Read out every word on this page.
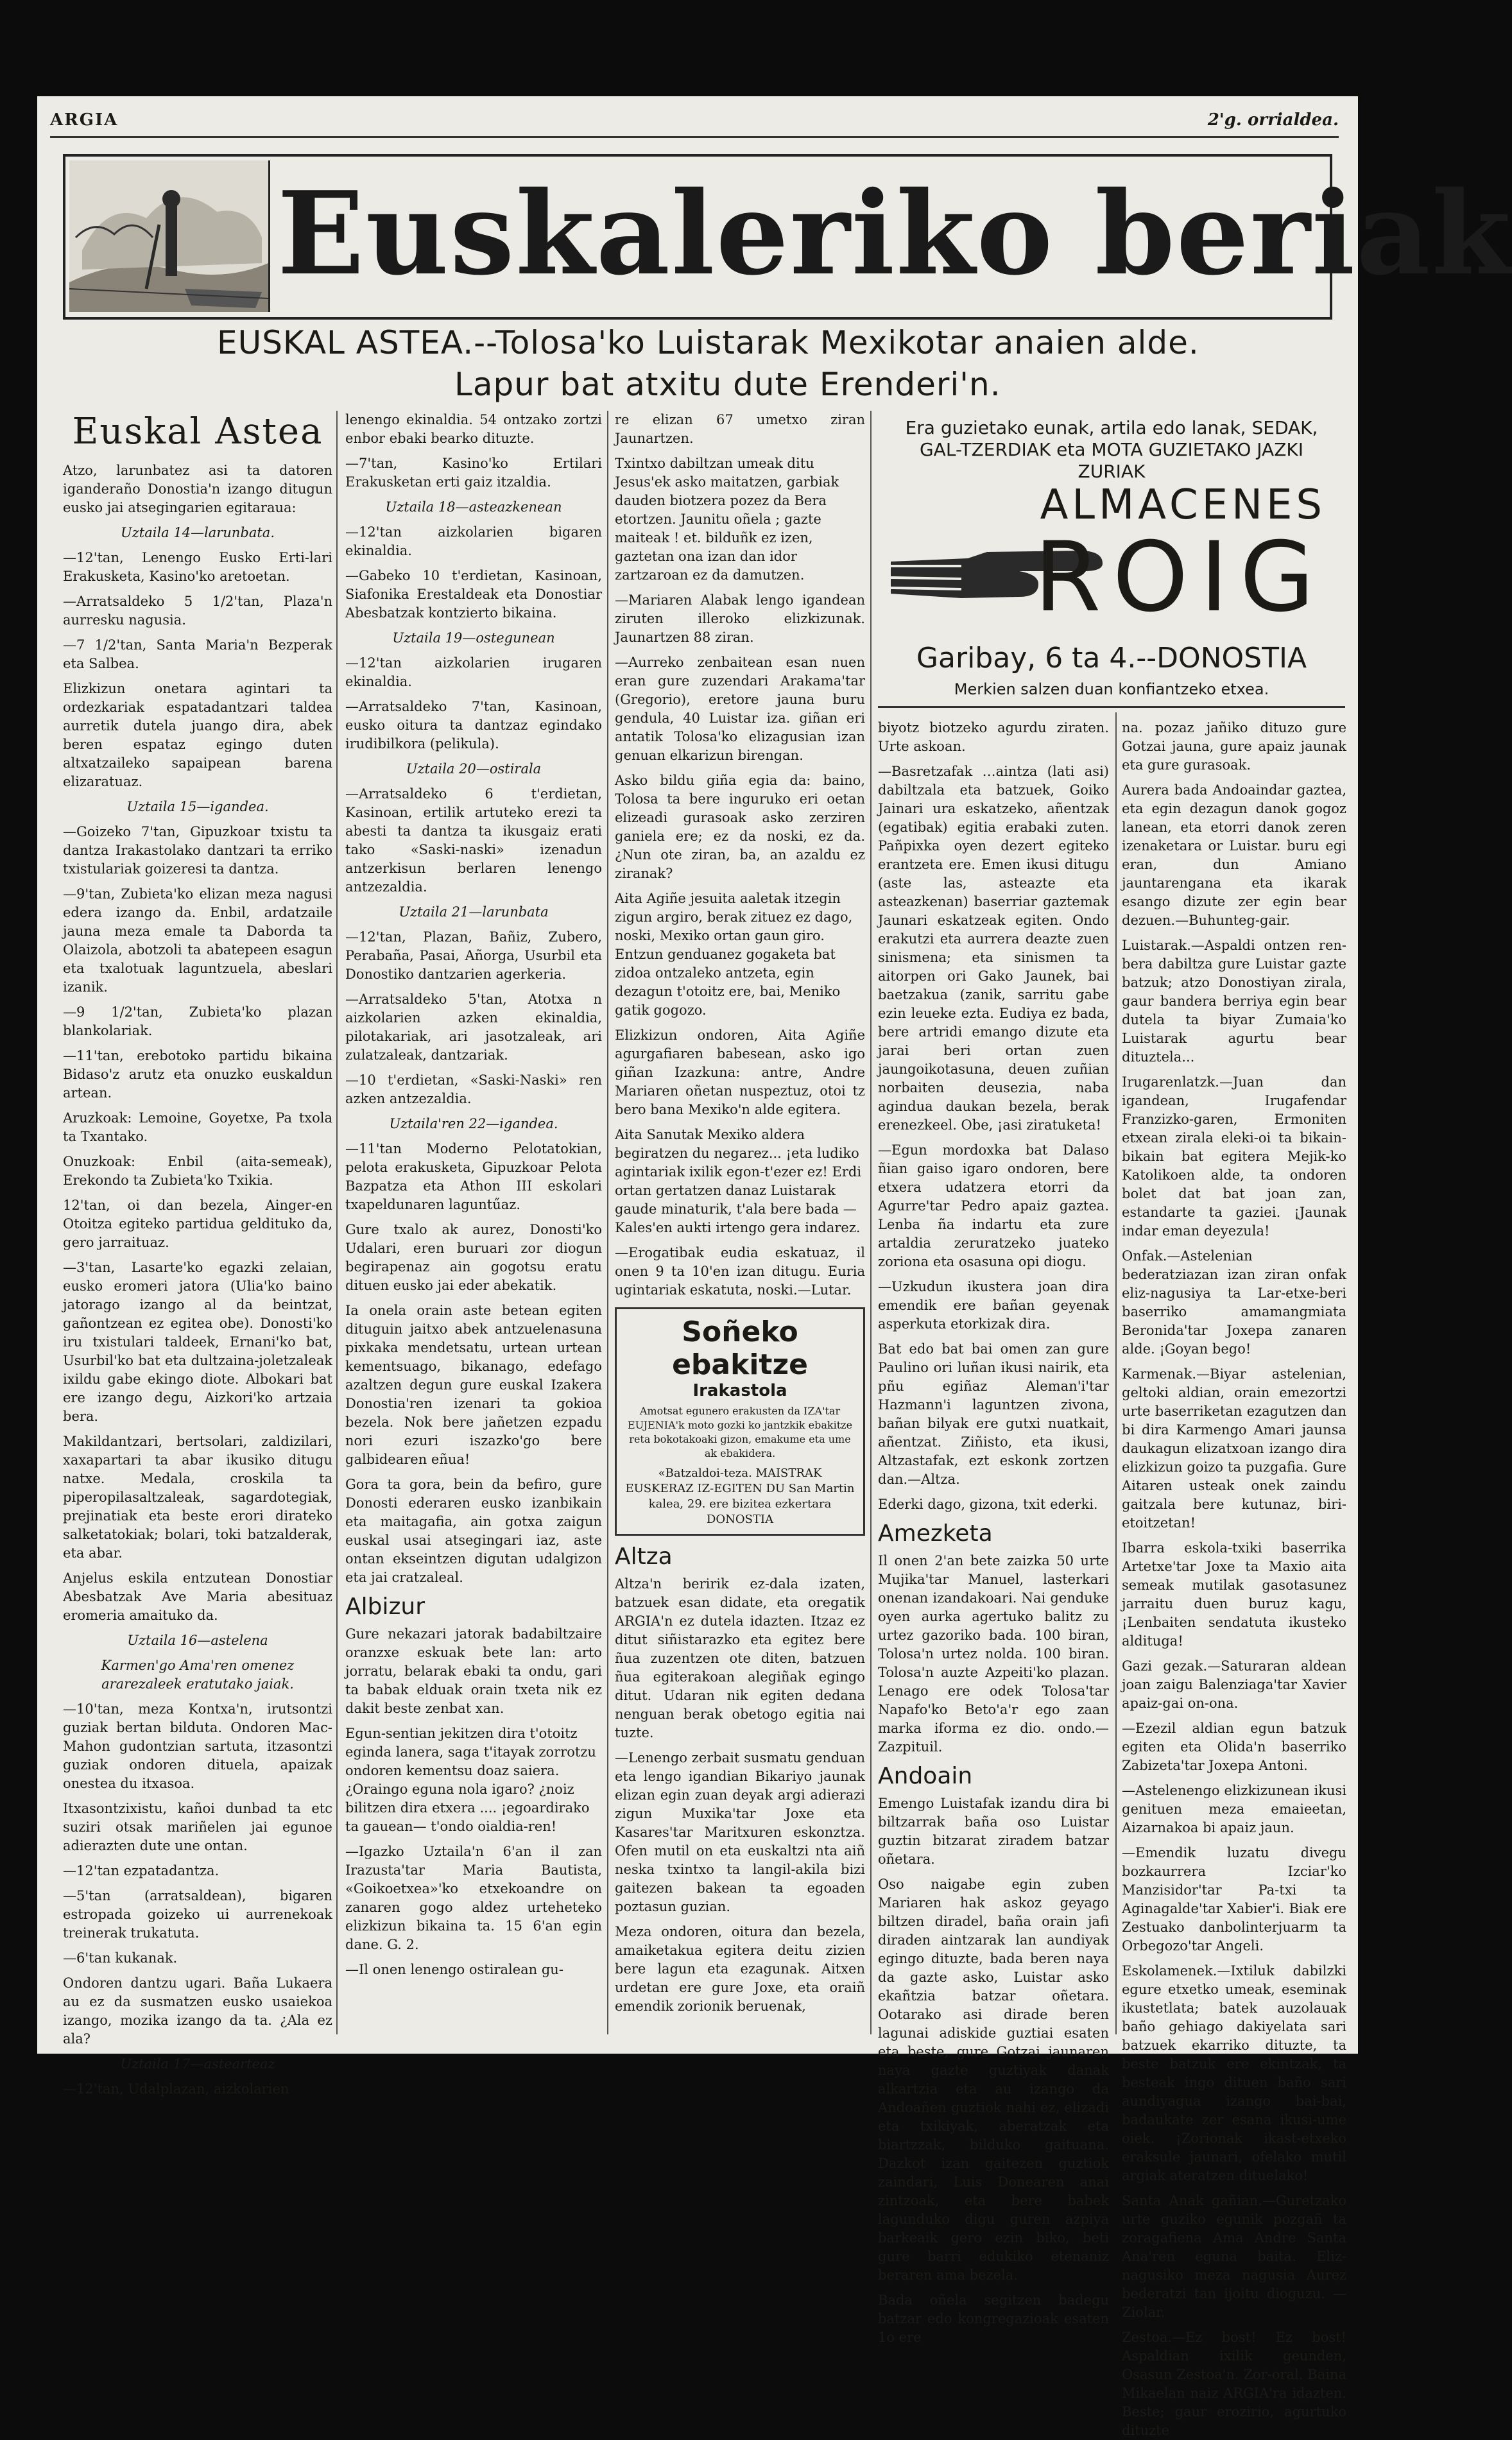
ARGIA	2'g. orrialdea.
Euskaleriko beriak
EUSKAL ASTEA.--Tolosa'ko Luistarak Mexikotar anaien alde.
Lapur bat atxitu dute Erenderi'n.
Euskal Astea

Atzo, larunbatez asi ta datoren iganderaño Donostia'n izango ditugun eusko jai atsegingarien egitaraua:

Uztaila 14—larunbata.

—12'tan, Lenengo Eusko Erti-lari Erakusketa, Kasino'ko aretoetan.

—Arratsaldeko 5 1/2'tan, Plaza'n aurresku nagusia.

—7 1/2'tan, Santa Maria'n Bezperak eta Salbea.

Elizkizun onetara agintari ta ordezkariak espatadantzari taldea aurretik dutela juango dira, abek beren espataz egingo duten altxatzaileko sapaipean  barena elizaratuaz.

Uztaila 15—igandea.

—Goizeko 7'tan, Gipuzkoar txistu ta dantza Irakastolako dantzari ta erriko txistulariak goizeresi ta dantza.

—9'tan, Zubieta'ko elizan meza nagusi edera izango da. Enbil, ardatzaile jauna meza emale ta Daborda ta Olaizola, abotzoli ta abatepeen esagun eta txalotuak laguntzuela, abeslari izanik.

—9 1/2'tan, Zubieta'ko plazan blankolariak.

—11'tan, erebotoko partidu bikaina Bidaso'z arutz eta onuzko euskaldun artean.

Aruzkoak: Lemoine, Goyetxe, Pa txola ta Txantako.

Onuzkoak: Enbil (aita-semeak), Erekondo ta Zubieta'ko Txikia.

12'tan, oi dan bezela, Ainger-en Otoitza egiteko partidua geldituko da, gero jarraituaz.

—3'tan, Lasarte'ko egazki zelaian, eusko eromeri jatora (Ulia'ko baino jatorago izango al da beintzat, gañontzean ez egitea obe). Donosti'ko iru txistulari taldeek, Ernani'ko bat, Usurbil'ko bat eta dultzaina-joletzaleak ixildu gabe ekingo diote. Albokari bat ere izango degu, Aizkori'ko artzaia bera.

Makildantzari, bertsolari, zaldizilari, xaxapartari ta abar ikusiko ditugu natxe. Medala, croskila ta piperopilasaltzaleak, sagardotegiak, prejinatiak eta beste erori dirateko salketatokiak; bolari, toki batzalderak, eta abar.

Anjelus eskila entzutean Donostiar Abesbatzak Ave Maria abesituaz eromeria amaituko da.

Uztaila 16—astelena

Karmen'go Ama'ren omenez ararezaleek eratutako jaiak.

—10'tan, meza Kontxa'n, irutsontzi guziak bertan bilduta. Ondoren Mac-Mahon gudontzian sartuta, itzasontzi guziak ondoren dituela, apaizak onestea du itxasoa.

Itxasontzixistu, kañoi dunbad ta etc suziri otsak mariñelen jai egunoe adierazten dute une ontan.

—12'tan ezpatadantza.

—5'tan (arratsaldean), bigaren estropada goizeko ui aurrenekoak treinerak trukatuta.

—6'tan kukanak.

Ondoren dantzu ugari. Baña Lukaera au ez da susmatzen eusko usaiekoa izango, mozika izango da ta. ¿Ala ez ala?

Uztaila 17—astearteaz

—12'tan, Udalplazan, aizkolarien

lenengo ekinaldia. 54 ontzako zortzi enbor ebaki bearko dituzte.

—7'tan, Kasino'ko Ertilari Erakusketan erti gaiz itzaldia.

Uztaila 18—asteazkenean

—12'tan aizkolarien bigaren ekinaldia.

—Gabeko 10 t'erdietan, Kasinoan, Siafonika Erestaldeak eta Donostiar Abesbatzak kontzierto bikaina.

Uztaila 19—ostegunean

—12'tan aizkolarien irugaren ekinaldia.

—Arratsaldeko 7'tan, Kasinoan, eusko oitura ta dantzaz egindako irudibilkora (pelikula).

Uztaila 20—ostirala

—Arratsaldeko 6 t'erdietan, Kasinoan, ertilik artuteko erezi ta abesti ta dantza ta ikusgaiz erati tako «Saski-naski» izenadun antzerkisun berlaren lenengo antzezaldia.

Uztaila 21—larunbata

—12'tan, Plazan, Bañiz, Zubero, Perabaña, Pasai, Añorga, Usurbil eta Donostiko dantzarien agerkeria.

—Arratsaldeko 5'tan, Atotxa n aizkolarien azken ekinaldia, pilotakariak, ari jasotzaleak, ari zulatzaleak, dantzariak.

—10 t'erdietan, «Saski-Naski» ren azken antzezaldia.

Uztaila'ren 22—igandea.

—11'tan Moderno Pelotatokian, pelota erakusketa, Gipuzkoar Pelota Bazpatza eta Athon III eskolari txapeldunaren laguntűaz.

Gure txalo ak aurez, Donosti'ko Udalari, eren buruari zor diogun begirapenaz ain gogotsu eratu dituen eusko jai eder abekatik.

Ia onela orain aste betean egiten dituguin jaitxo abek antzuelenasuna pixkaka mendetsatu, urtean urtean kementsuago, bikanago, edefago azaltzen degun gure euskal Izakera Donostia'ren izenari ta gokioa bezela. Nok bere jañetzen ezpadu nori ezuri iszazko'go bere galbidearen eñua!

Gora ta gora, bein da befiro, gure Donosti ederaren eusko izanbikain eta maitagafia, ain gotxa zaigun euskal usai atsegingari iaz, aste ontan ekseintzen digutan udalgizon eta jai cratzaleal.

Albizur

Gure nekazari jatorak badabiltzaire oranzxe eskuak bete lan: arto jorratu, belarak ebaki ta ondu, gari ta babak elduak orain txeta nik ez dakit beste zenbat xan.

Egun-sentian jekitzen dira t'otoitz eginda lanera, saga t'itayak zorrotzu ondoren kementsu doaz saiera. ¿Oraingo eguna nola igaro? ¿noiz bilitzen dira etxera .... ¡egoardirako ta gauean— t'ondo oialdia-ren!

—Igazko Uztaila'n 6'an il zan Irazusta'tar Maria Bautista, «Goikoetxea»'ko etxekoandre on zanaren gogo aldez urteheteko elizkizun bikaina ta. 15 6'an egin dane. G. 2.

—Il onen lenengo ostiralean gu-

re elizan 67 umetxo ziran Jaunartzen.

Txintxo dabiltzan umeak ditu Jesus'ek asko maitatzen, garbiak dauden biotzera pozez da Bera etortzen. Jaunitu oñela ; gazte maiteak ! et. bilduñk ez izen, gaztetan ona izan dan idor zartzaroan ez da damutzen.

—Mariaren Alabak lengo igandean ziruten illeroko elizkizunak. Jaunartzen 88 ziran.

—Aurreko zenbaitean esan nuen eran gure zuzendari Arakama'tar (Gregorio), eretore jauna buru gendula, 40 Luistar iza. giñan eri antatik Tolosa'ko elizagusian izan genuan elkarizun birengan.

Asko bildu giña egia da: baino, Tolosa ta bere inguruko eri oetan elizeadi gurasoak asko zerziren ganiela ere; ez da noski, ez da. ¿Nun ote ziran, ba, an azaldu ez ziranak?

Aita Agiñe jesuita aaletak itzegin zigun argiro, berak zituez ez dago, noski, Mexiko ortan gaun giro. Entzun genduanez gogaketa bat zidoa ontzaleko antzeta, egin dezagun t'otoitz ere, bai, Meniko gatik gogozo.

Elizkizun ondoren, Aita Agiñe agurgafiaren babesean, asko igo giñan Izazkuna: antre, Andre Mariaren oñetan nuspeztuz, otoi tz bero bana Mexiko'n alde egitera.

Aita Sanutak Mexiko aldera begiratzen du negarez... ¡eta ludiko agintariak ixilik egon-t'ezer ez! Erdi ortan gertatzen danaz Luistarak gaude minaturik, t'ala bere bada —Kales'en aukti irtengo gera indarez.

—Erogatibak eudia eskatuaz, il onen 9 ta 10'en izan ditugu. Euria ugintariak eskatuta, noski.—Lutar.

Soñeko ebakitze
Irakastola
Amotsat egunero erakusten da IZA'tar EUJENIA'k moto gozki ko jantzkik ebakitze reta bokotakoaki gizon, emakume eta ume ak ebakidera.
«Batzaldoi-teza. MAISTRAK EUSKERAZ IZ-EGITEN DU San Martin kalea, 29. ere bizitea ezkertara DONOSTIA
Altza

Altza'n beririk ez-dala izaten, batzuek esan didate, eta oregatik ARGIA'n ez dutela idazten. Itzaz ez ditut siñistarazko eta egitez bere ñua zuzentzen ote diten, batzuen ñua egiterakoan alegiñak egingo ditut. Udaran nik egiten dedana nenguan berak obetogo egitia nai tuzte.

—Lenengo zerbait susmatu genduan eta lengo igandian Bikariyo jaunak elizan egin zuan deyak argi adierazi zigun Muxika'tar Joxe eta Kasares'tar Maritxuren eskonztza. Ofen mutil on eta euskaltzi nta aiñ neska txintxo ta langil-akila bizi gaitezen bakean ta egoaden poztasun guzian.

Meza ondoren, oitura dan bezela, amaiketakua egitera deitu zizien bere lagun eta ezagunak. Aitxen urdetan ere gure Joxe, eta oraiñ emendik zorionik beruenak,

Era guzietako eunak, artila edo lanak, SEDAK, GAL-TZERDIAK eta MOTA GUZIETAKO JAZKI ZURIAK
ALMACENES
ROIG
Garibay, 6 ta 4.--DONOSTIA
Merkien salzen duan konfiantzeko etxea.

biyotz biotzeko agurdu ziraten. Urte askoan.

—Basretzafak …aintza (lati asi) dabiltzala eta batzuek, Goiko Jainari ura eskatzeko, añentzak (egatibak) egitia erabaki zuten. Pañpixka oyen dezert egiteko erantzeta ere. Emen ikusi ditugu (aste las, asteazte eta asteazkenan) baserriar gaztemak Jaunari eskatzeak egiten. Ondo erakutzi eta aurrera deazte zuen sinismena; eta sinismen ta aitorpen ori Gako Jaunek, bai baetzakua (zanik, sarritu gabe ezin leueke ezta. Eudiya ez bada, bere artridi emango dizute eta jarai beri ortan zuen jaungoikotasuna, deuen zuñian norbaiten deusezia, naba agindua daukan bezela, berak erenezkeel. Obe, ¡asi ziratuketa!

—Egun mordoxka bat Dalaso ñian gaiso igaro ondoren, bere etxera udatzera etorri da Agurre'tar Pedro apaiz gaztea. Lenba ña indartu eta zure artaldia zeruratzeko juateko zoriona eta osasuna opi diogu.

—Uzkudun ikustera joan dira emendik ere bañan geyenak asperkuta etorkizak dira.

Bat edo bat bai omen zan gure Paulino ori luñan ikusi nairik, eta pñu egiñaz Aleman'i'tar Hazmann'i laguntzen zivona, bañan bilyak ere gutxi nuatkait, añentzat. Ziñisto, eta ikusi, Altzastafak, ezt eskonk zortzen dan.—Altza.

Ederki dago, gizona, txit ederki.

Amezketa

Il onen 2'an bete zaizka 50 urte Mujika'tar Manuel, lasterkari onenan izandakoari. Nai genduke oyen aurka agertuko balitz zu urtez gazoriko bada. 100 biran, Tolosa'n urtez nolda. 100 biran. Tolosa'n auzte Azpeiti'ko plazan. Lenago ere odek Tolosa'tar Napafo'ko Beto'a'r ego zaan marka iforma ez dio. ondo.—Zazpituil.

Andoain

Emengo Luistafak izandu dira bi biltzarrak baña oso Luistar guztin bitzarat ziradem batzar oñetara.

Oso naigabe egin zuben Mariaren hak askoz geyago biltzen diradel, baña orain jafi diraden aintzarak lan aundiyak egingo dituzte, bada beren naya da gazte asko, Luistar asko ekañtzia batzar oñetara. Ootarako asi dirade beren lagunai adiskide guztiai esaten eta beste, gure Gotzai jaunaren naya gazte guztiyak danak alkartzia eta au izango da Andoañen guztiok nahi ez, elizadi eta txikiyak, aberatzak eta biartzzak, bilduko gaituana. Dazkot izan gaitezen guztiok zaindari, Luis Donearen anai zintzoak, eta bere babek lagunduko digu guren azpiya barkeaik gero ezin biko, beti gure barri edukiko etenaniz beraren ama bezela.

Bada oñela segitzen badegu batzar edo kongregazioak esaten 1o ere

na. pozaz jañiko dituzo gure Gotzai jauna, gure apaiz jaunak eta gure gurasoak.

Aurera bada Andoaindar gaztea, eta egin dezagun danok gogoz lanean, eta etorri danok zeren izenaketara or Luistar. buru egi eran, dun Amiano jauntarengana eta ikarak esango dizute zer egin bear dezuen.—Buhunteg-gair.

Luistarak.—Aspaldi ontzen ren-bera dabiltza gure Luistar gazte batzuk; atzo Donostiyan zirala, gaur bandera berriya egin bear dutela ta biyar Zumaia'ko Luistarak agurtu bear dituztela...

Irugarenlatzk.—Juan dan igandean, Irugafendar Franzizko-garen, Ermoniten etxean zirala eleki-oi ta bikain-bikain bat egitera Mejik-ko Katolikoen alde, ta ondoren bolet dat bat joan zan, estandarte ta gaziei. ¡Jaunak indar eman deyezula!

Onfak.—Astelenian bederatziazan izan ziran onfak eliz-nagusiya ta Lar-etxe-beri baserriko amamangmiata Beronida'tar Joxepa zanaren alde. ¡Goyan bego!

Karmenak.—Biyar astelenian, geltoki aldian, orain emezortzi urte baserriketan ezagutzen dan bi dira Karmengo Amari jaunsa daukagun elizatxoan izango dira elizkizun goizo ta puzgafia. Gure Aitaren usteak onek zaindu gaitzala bere kutunaz, biri-etoitzetan!

Ibarra eskola-txiki baserrika Artetxe'tar Joxe ta Maxio aita semeak mutilak gasotasunez jarraitu duen buruz kagu, ¡Lenbaiten sendatuta ikusteko aldituga!

Gazi gezak.—Saturaran aldean joan zaigu Balenziaga'tar Xavier apaiz-gai on-ona.

—Ezezil aldian egun batzuk egiten eta Olida'n baserriko Zabizeta'tar Joxepa Antoni.

—Astelenengo elizkizunean ikusi genituen meza emaieetan, Aizarnakoa bi apaiz jaun.

—Emendik luzatu divegu bozkaurrera Izciar'ko Manzisidor'tar Pa-txi ta Aginagalde'tar Xabier'i. Biak ere Zestuako danbolinterjuarm ta Orbegozo'tar Angeli.

Eskolamenek.—Ixtiluk dabilzki egure etxetko umeak, eseminak ikustetlata; batek auzolauak baño gehiago dakiyelata sari batzuek ekarriko dituzte, ta beste batzuk ere ekintzak, ta besteak ingo dituen baño sari aundiyagua izango bai-bai, badaukate zer esana ikusi-ume oiek. ¡Zorionak ikast-etxeko eraksule jaunari, ofelako mutil argiak ateratzen dituelako!

Santa Anak gañian.—Guretzako urte guziko egunik pozgañ ta zoragafiena Ama Andre Santa Ana'ren eguna baita. Eliz-nagusiko meza nagusia Aurez bederatzi tan ijoitu dioguzu. —Ziolar.

Zestoa.—Ez bost! Ez bost! Aspaldian ixilik geunden, Osasun Zestoa'n. Zor-oral. Baina Mikaelan naiz ARGIA'ra idazten. Beste; gaur erozirio, agurtuko dituzte
